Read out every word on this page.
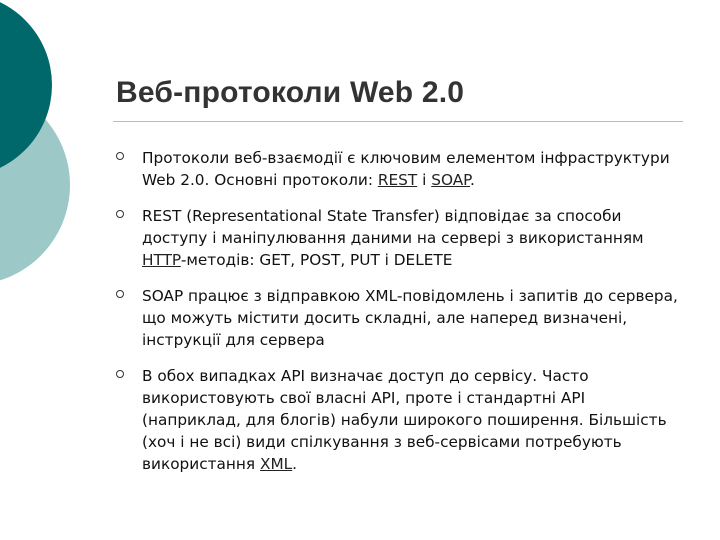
Веб-протоколи Web 2.0
Протоколи веб-взаємодії є ключовим елементом інфраструктури Web 2.0. Основні протоколи: REST і SOAP.
REST (Representational State Transfer) відповідає за способи доступу і маніпулювання даними на сервері з використанням HTTP-методів: GET, POST, PUT і DELETE
SOAP працює з відправкою XML-повідомлень і запитів до сервера, що можуть містити досить складні, але наперед визначені, інструкції для сервера
В обох випадках API визначає доступ до сервісу. Часто використовують свої власні API, проте і стандартні API (наприклад, для блогів) набули широкого поширення. Більшість (хоч і не всі) види спілкування з веб-сервісами потребують використання XML.
